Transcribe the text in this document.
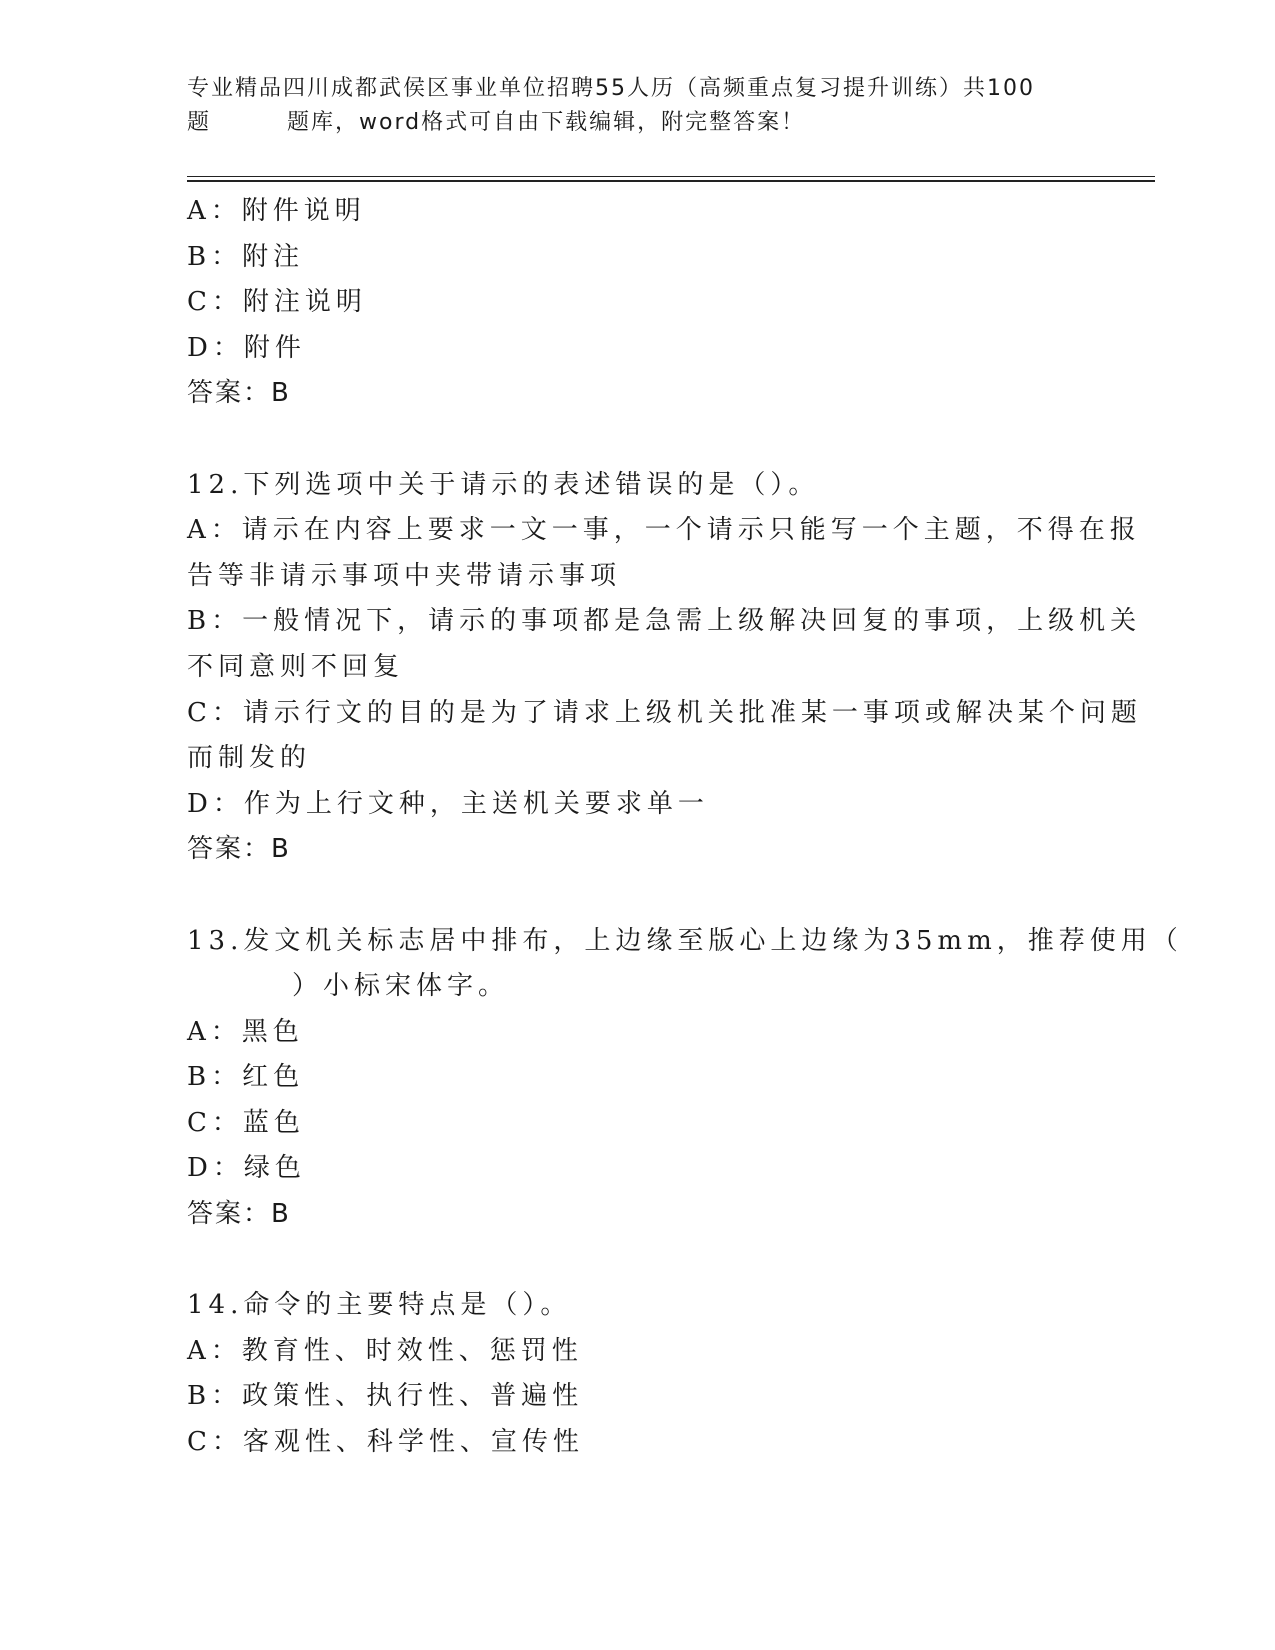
专业精品四川成都武侯区事业单位招聘55人历（高频重点复习提升训练）共100
题	题库，word格式可自由下载编辑，附完整答案！
A：附件说明
B：附注
C：附注说明
D：附件
答案：B
12.下列选项中关于请示的表述错误的是（）。
A：请示在内容上要求一文一事，一个请示只能写一个主题，不得在报
告等非请示事项中夹带请示事项
B：一般情况下，请示的事项都是急需上级解决回复的事项，上级机关
不同意则不回复
C：请示行文的目的是为了请求上级机关批准某一事项或解决某个问题
而制发的
D：作为上行文种，主送机关要求单一
答案：B
13.发文机关标志居中排布，上边缘至版心上边缘为35mm，推荐使用（
）小标宋体字。
A：黑色
B：红色
C：蓝色
D：绿色
答案：B
14.命令的主要特点是（）。
A：教育性、时效性、惩罚性
B：政策性、执行性、普遍性
C：客观性、科学性、宣传性
